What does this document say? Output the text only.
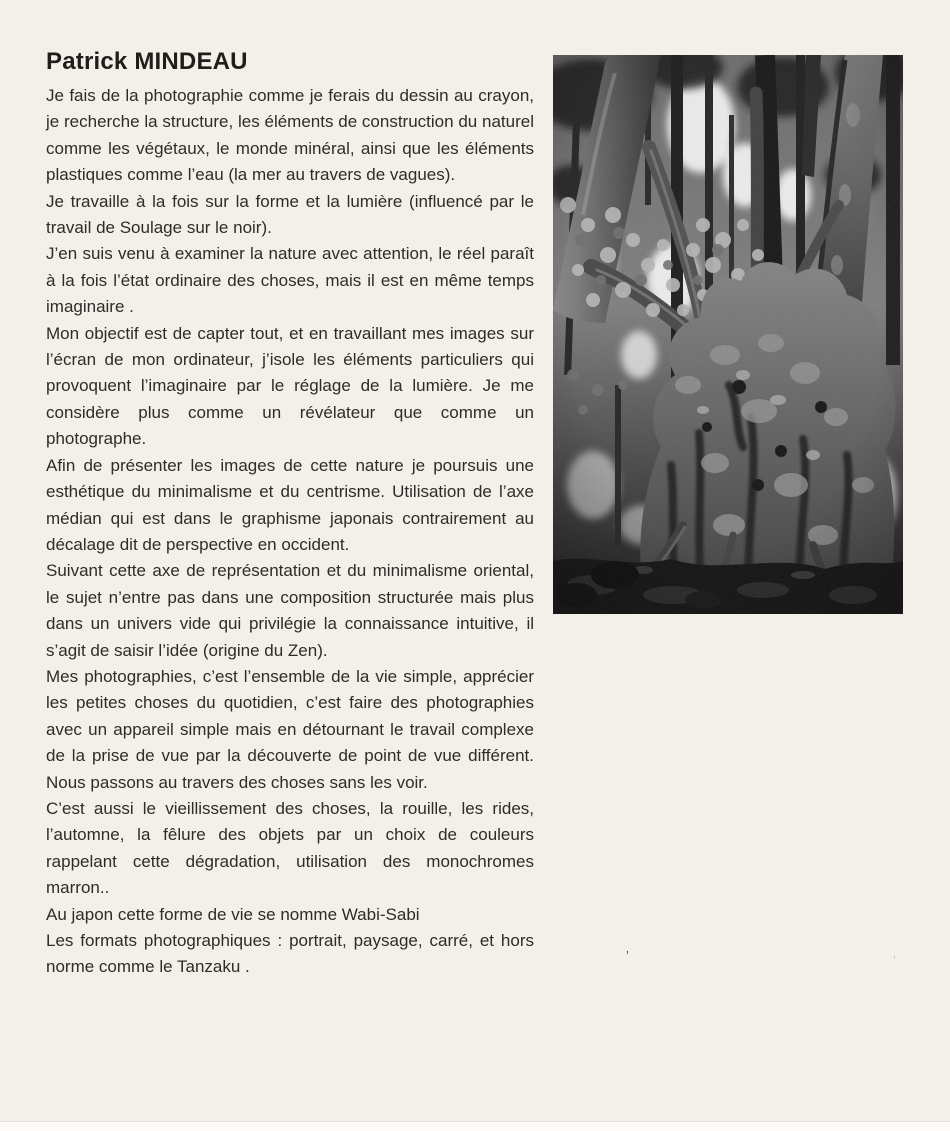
Patrick MINDEAU

Je fais de la photographie comme je ferais du dessin au crayon, je recherche la structure, les éléments de construction du naturel comme les végétaux, le monde minéral, ainsi que les éléments plastiques comme l’eau (la mer au travers de vagues).

Je travaille à la fois sur la forme et la lumière (influencé par le travail de Soulage sur le noir).

J’en suis venu à examiner la nature avec attention, le réel paraît à la fois l’état ordinaire des choses, mais il est en même temps imaginaire .

Mon objectif est de capter tout, et en travaillant mes images sur l’écran de mon ordinateur, j’isole les éléments particuliers qui provoquent l’imaginaire par le réglage de la lumière. Je me considère plus comme un révélateur que comme un photographe.

Afin de présenter les images de cette nature je poursuis une esthétique du minimalisme et du centrisme. Utilisation de l’axe médian qui est dans le graphisme japonais contrairement au décalage dit de perspective en occident.

Suivant cette axe de représentation et du minimalisme oriental, le sujet n’entre pas dans une composition structurée mais plus dans un univers vide qui privilégie la connaissance intuitive, il s’agit de saisir l’idée (origine du Zen).

Mes photographies, c’est l’ensemble de la vie simple, apprécier les petites choses du quotidien, c’est faire des photographies avec un appareil simple mais en détournant le travail complexe de la prise de vue par la découverte de point de vue différent. Nous passons au travers des choses sans les voir.

C’est aussi le vieillissement des choses, la rouille, les rides, l’automne, la fêlure des objets par un choix de couleurs rappelant cette dégradation, utilisation des monochromes marron..

Au japon cette forme de vie se nomme Wabi-Sabi

Les formats photographiques : portrait, paysage, carré, et hors norme comme le Tanzaku .

’	’
